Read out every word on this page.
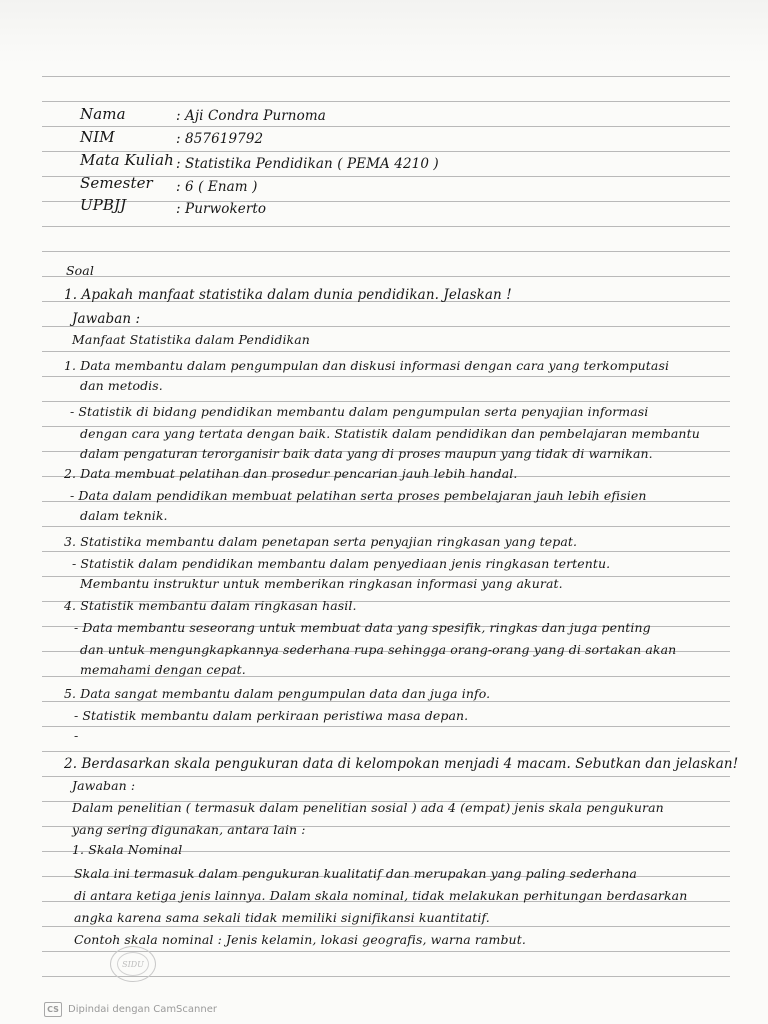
Nama	: Aji Condra Purnoma
NIM	: 857619792
Mata Kuliah : Statistika Pendidikan ( PEMA 4210 )
Semester : 6 ( Enam )
UPBJJ	: Purwokerto
Soal
1. Apakah manfaat statistika dalam dunia pendidikan. Jelaskan !
Jawaban :
Manfaat Statistika dalam Pendidikan
1. Data membantu dalam pengumpulan dan diskusi informasi dengan cara yang terkomputasi
dan metodis.
- Statistik di bidang pendidikan membantu dalam pengumpulan serta penyajian informasi
dengan cara yang tertata dengan baik. Statistik dalam pendidikan dan pembelajaran membantu
dalam pengaturan terorganisir baik data yang di proses maupun yang tidak di warnikan.
2. Data membuat pelatihan dan prosedur pencarian jauh lebih handal.
- Data dalam pendidikan membuat pelatihan serta proses pembelajaran jauh lebih efisien
dalam teknik.
3. Statistika membantu dalam penetapan serta penyajian ringkasan yang tepat.
- Statistik dalam pendidikan membantu dalam penyediaan jenis ringkasan tertentu.
Membantu instruktur untuk memberikan ringkasan informasi yang akurat.
4. Statistik membantu dalam ringkasan hasil.
- Data membantu seseorang untuk membuat data yang spesifik, ringkas dan juga penting
dan untuk mengungkapkannya sederhana rupa sehingga orang-orang yang di sortakan akan
memahami dengan cepat.
5. Data sangat membantu dalam pengumpulan data dan juga info.
- Statistik membantu dalam perkiraan peristiwa masa depan.
-
2. Berdasarkan skala pengukuran data di kelompokan menjadi 4 macam. Sebutkan dan jelaskan!
Jawaban :
Dalam penelitian ( termasuk dalam penelitian sosial ) ada 4 (empat) jenis skala pengukuran
yang sering digunakan, antara lain :
1. Skala Nominal
Skala ini termasuk dalam pengukuran kualitatif dan merupakan yang paling sederhana
di antara ketiga jenis lainnya. Dalam skala nominal, tidak melakukan perhitungan berdasarkan
angka karena sama sekali tidak memiliki signifikansi kuantitatif.
Contoh skala nominal : Jenis kelamin, lokasi geografis, warna rambut.
SIDU
CS Dipindai dengan CamScanner
